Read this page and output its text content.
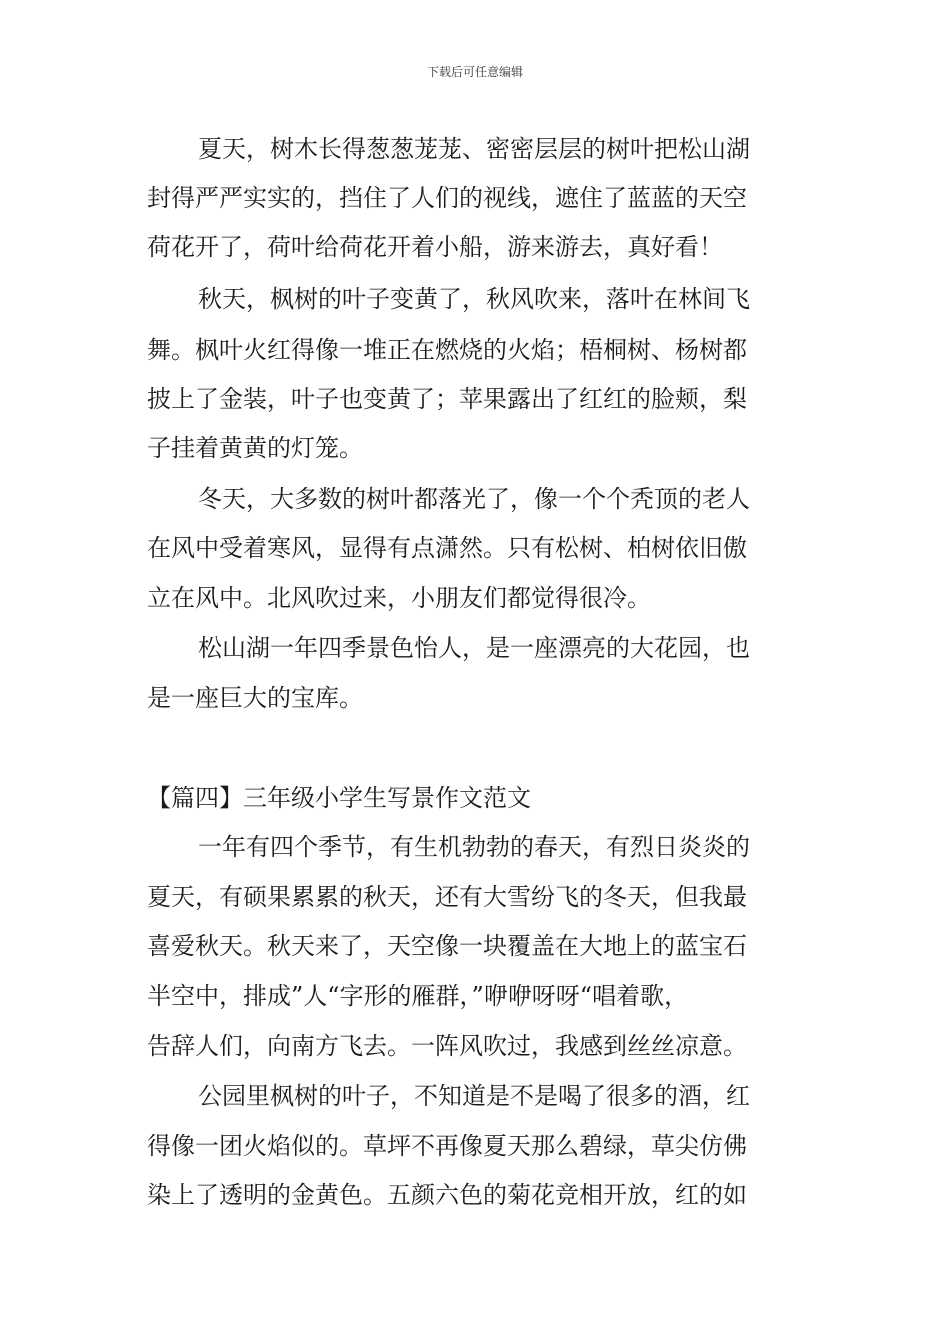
下载后可任意编辑
夏天，树木长得葱葱茏茏、密密层层的树叶把松山湖
封得严严实实的，挡住了人们的视线，遮住了蓝蓝的天空
荷花开了，荷叶给荷花开着小船，游来游去，真好看！
秋天，枫树的叶子变黄了，秋风吹来，落叶在林间飞
舞。枫叶火红得像一堆正在燃烧的火焰；梧桐树、杨树都
披上了金装，叶子也变黄了；苹果露出了红红的脸颊，梨
子挂着黄黄的灯笼。
冬天，大多数的树叶都落光了，像一个个秃顶的老人
在风中受着寒风，显得有点潇然。只有松树、柏树依旧傲
立在风中。北风吹过来，小朋友们都觉得很冷。
松山湖一年四季景色怡人，是一座漂亮的大花园，也
是一座巨大的宝库。
【篇四】三年级小学生写景作文范文
一年有四个季节，有生机勃勃的春天，有烈日炎炎的
夏天，有硕果累累的秋天，还有大雪纷飞的冬天，但我最
喜爱秋天。秋天来了，天空像一块覆盖在大地上的蓝宝石
半空中，排成”人“字形的雁群，”咿咿呀呀“唱着歌，
告辞人们，向南方飞去。一阵风吹过，我感到丝丝凉意。
公园里枫树的叶子，不知道是不是喝了很多的酒，红
得像一团火焰似的。草坪不再像夏天那么碧绿，草尖仿佛
染上了透明的金黄色。五颜六色的菊花竞相开放，红的如
